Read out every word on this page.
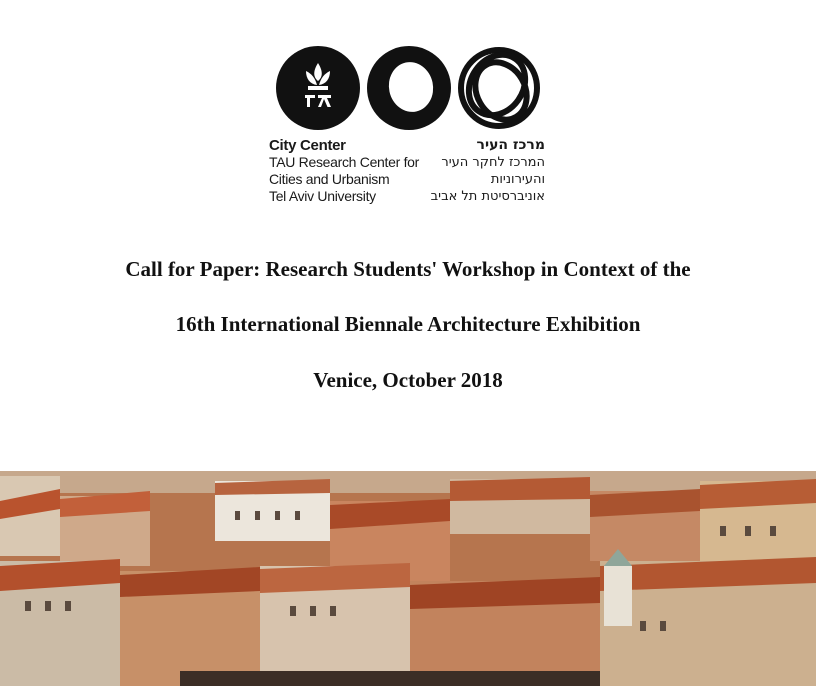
City Center
TAU Research Center for
Cities and Urbanism
Tel Aviv University
מרכז העיר
המרכז לחקר העיר
והעירוניות
אוניברסיטת תל אביב
Call for Paper: Research Students' Workshop in Context of the
16th International Biennale Architecture Exhibition
Venice, October 2018
